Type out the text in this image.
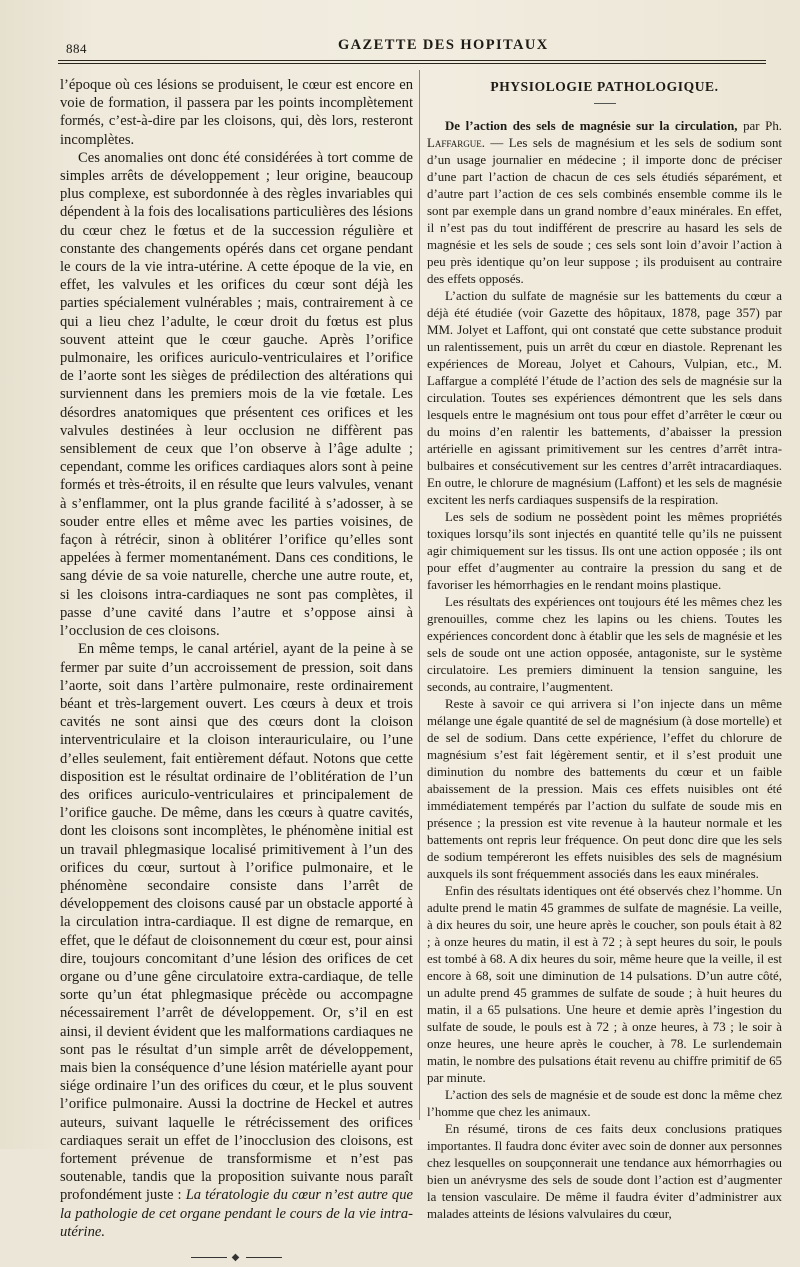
884	GAZETTE DES HOPITAUX

l’époque où ces lésions se produisent, le cœur est encore en voie de formation, il passera par les points incomplètement formés, c’est-à-dire par les cloisons, qui, dès lors, resteront incomplètes.

Ces anomalies ont donc été considérées à tort comme de simples arrêts de développement ; leur origine, beaucoup plus complexe, est subordonnée à des règles invariables qui dépendent à la fois des localisations particulières des lésions du cœur chez le fœtus et de la succession régulière et constante des changements opérés dans cet organe pendant le cours de la vie intra-utérine. A cette époque de la vie, en effet, les valvules et les orifices du cœur sont déjà les parties spécialement vulnérables ; mais, contrairement à ce qui a lieu chez l’adulte, le cœur droit du fœtus est plus souvent atteint que le cœur gauche. Après l’orifice pulmonaire, les orifices auriculo-ventriculaires et l’orifice de l’aorte sont les sièges de prédilection des altérations qui surviennent dans les premiers mois de la vie fœtale. Les désordres anatomiques que présentent ces orifices et les valvules destinées à leur occlusion ne diffèrent pas sensiblement de ceux que l’on observe à l’âge adulte ; cependant, comme les orifices cardiaques alors sont à peine formés et très-étroits, il en résulte que leurs valvules, venant à s’enflammer, ont la plus grande facilité à s’adosser, à se souder entre elles et même avec les parties voisines, de façon à rétrécir, sinon à oblitérer l’orifice qu’elles sont appelées à fermer momentanément. Dans ces conditions, le sang dévie de sa voie naturelle, cherche une autre route, et, si les cloisons intra-cardiaques ne sont pas complètes, il passe d’une cavité dans l’autre et s’oppose ainsi à l’occlusion de ces cloisons.

En même temps, le canal artériel, ayant de la peine à se fermer par suite d’un accroissement de pression, soit dans l’aorte, soit dans l’artère pulmonaire, reste ordinairement béant et très-largement ouvert. Les cœurs à deux et trois cavités ne sont ainsi que des cœurs dont la cloison interventriculaire et la cloison interauriculaire, ou l’une d’elles seulement, fait entièrement défaut. Notons que cette disposition est le résultat ordinaire de l’oblitération de l’un des orifices auriculo-ventriculaires et principalement de l’orifice gauche. De même, dans les cœurs à quatre cavités, dont les cloisons sont incomplètes, le phénomène initial est un travail phlegmasique localisé primitivement à l’un des orifices du cœur, surtout à l’orifice pulmonaire, et le phénomène secondaire consiste dans l’arrêt de développement des cloisons causé par un obstacle apporté à la circulation intra-cardiaque. Il est digne de remarque, en effet, que le défaut de cloisonnement du cœur est, pour ainsi dire, toujours concomitant d’une lésion des orifices de cet organe ou d’une gêne circulatoire extra-cardiaque, de telle sorte qu’un état phlegmasique précède ou accompagne nécessairement l’arrêt de développement. Or, s’il en est ainsi, il devient évident que les malformations cardiaques ne sont pas le résultat d’un simple arrêt de développement, mais bien la conséquence d’une lésion matérielle ayant pour siége ordinaire l’un des orifices du cœur, et le plus souvent l’orifice pulmonaire. Aussi la doctrine de Heckel et autres auteurs, suivant laquelle le rétrécissement des orifices cardiaques serait un effet de l’inocclusion des cloisons, est fortement prévenue de transformisme et n’est pas soutenable, tandis que la proposition suivante nous paraît profondément juste : La tératologie du cœur n’est autre que la pathologie de cet organe pendant le cours de la vie intra-utérine.

◆
PHYSIOLOGIE PATHOLOGIQUE.

De l’action des sels de magnésie sur la circulation, par Ph. Laffargue. — Les sels de magnésium et les sels de sodium sont d’un usage journalier en médecine ; il importe donc de préciser d’une part l’action de chacun de ces sels étudiés séparément, et d’autre part l’action de ces sels combinés ensemble comme ils le sont par exemple dans un grand nombre d’eaux minérales. En effet, il n’est pas du tout indifférent de prescrire au hasard les sels de magnésie et les sels de soude ; ces sels sont loin d’avoir l’action à peu près identique qu’on leur suppose ; ils produisent au contraire des effets opposés.

L’action du sulfate de magnésie sur les battements du cœur a déjà été étudiée (voir Gazette des hôpitaux, 1878, page 357) par MM. Jolyet et Laffont, qui ont constaté que cette substance produit un ralentissement, puis un arrêt du cœur en diastole. Reprenant les expériences de Moreau, Jolyet et Cahours, Vulpian, etc., M. Laffargue a complété l’étude de l’action des sels de magnésie sur la circulation. Toutes ses expériences démontrent que les sels dans lesquels entre le magnésium ont tous pour effet d’arrêter le cœur ou du moins d’en ralentir les battements, d’abaisser la pression artérielle en agissant primitivement sur les centres d’arrêt intra-bulbaires et consécutivement sur les centres d’arrêt intracardiaques. En outre, le chlorure de magnésium (Laffont) et les sels de magnésie excitent les nerfs cardiaques suspensifs de la respiration.

Les sels de sodium ne possèdent point les mêmes propriétés toxiques lorsqu’ils sont injectés en quantité telle qu’ils ne puissent agir chimiquement sur les tissus. Ils ont une action opposée ; ils ont pour effet d’augmenter au contraire la pression du sang et de favoriser les hémorrhagies en le rendant moins plastique.

Les résultats des expériences ont toujours été les mêmes chez les grenouilles, comme chez les lapins ou les chiens. Toutes les expériences concordent donc à établir que les sels de magnésie et les sels de soude ont une action opposée, antagoniste, sur le système circulatoire. Les premiers diminuent la tension sanguine, les seconds, au contraire, l’augmentent.

Reste à savoir ce qui arrivera si l’on injecte dans un même mélange une égale quantité de sel de magnésium (à dose mortelle) et de sel de sodium. Dans cette expérience, l’effet du chlorure de magnésium s’est fait légèrement sentir, et il s’est produit une diminution du nombre des battements du cœur et un faible abaissement de la pression. Mais ces effets nuisibles ont été immédiatement tempérés par l’action du sulfate de soude mis en présence ; la pression est vite revenue à la hauteur normale et les battements ont repris leur fréquence. On peut donc dire que les sels de sodium tempéreront les effets nuisibles des sels de magnésium auxquels ils sont fréquemment associés dans les eaux minérales.

Enfin des résultats identiques ont été observés chez l’homme. Un adulte prend le matin 45 grammes de sulfate de magnésie. La veille, à dix heures du soir, une heure après le coucher, son pouls était à 82 ; à onze heures du matin, il est à 72 ; à sept heures du soir, le pouls est tombé à 68. A dix heures du soir, même heure que la veille, il est encore à 68, soit une diminution de 14 pulsations. D’un autre côté, un adulte prend 45 grammes de sulfate de soude ; à huit heures du matin, il a 65 pulsations. Une heure et demie après l’ingestion du sulfate de soude, le pouls est à 72 ; à onze heures, à 73 ; le soir à onze heures, une heure après le coucher, à 78. Le surlendemain matin, le nombre des pulsations était revenu au chiffre primitif de 65 par minute.

L’action des sels de magnésie et de soude est donc la même chez l’homme que chez les animaux.

En résumé, tirons de ces faits deux conclusions pratiques importantes. Il faudra donc éviter avec soin de donner aux personnes chez lesquelles on soupçonnerait une tendance aux hémorrhagies ou bien un anévrysme des sels de soude dont l’action est d’augmenter la tension vasculaire. De même il faudra éviter d’administrer aux malades atteints de lésions valvulaires du cœur,
